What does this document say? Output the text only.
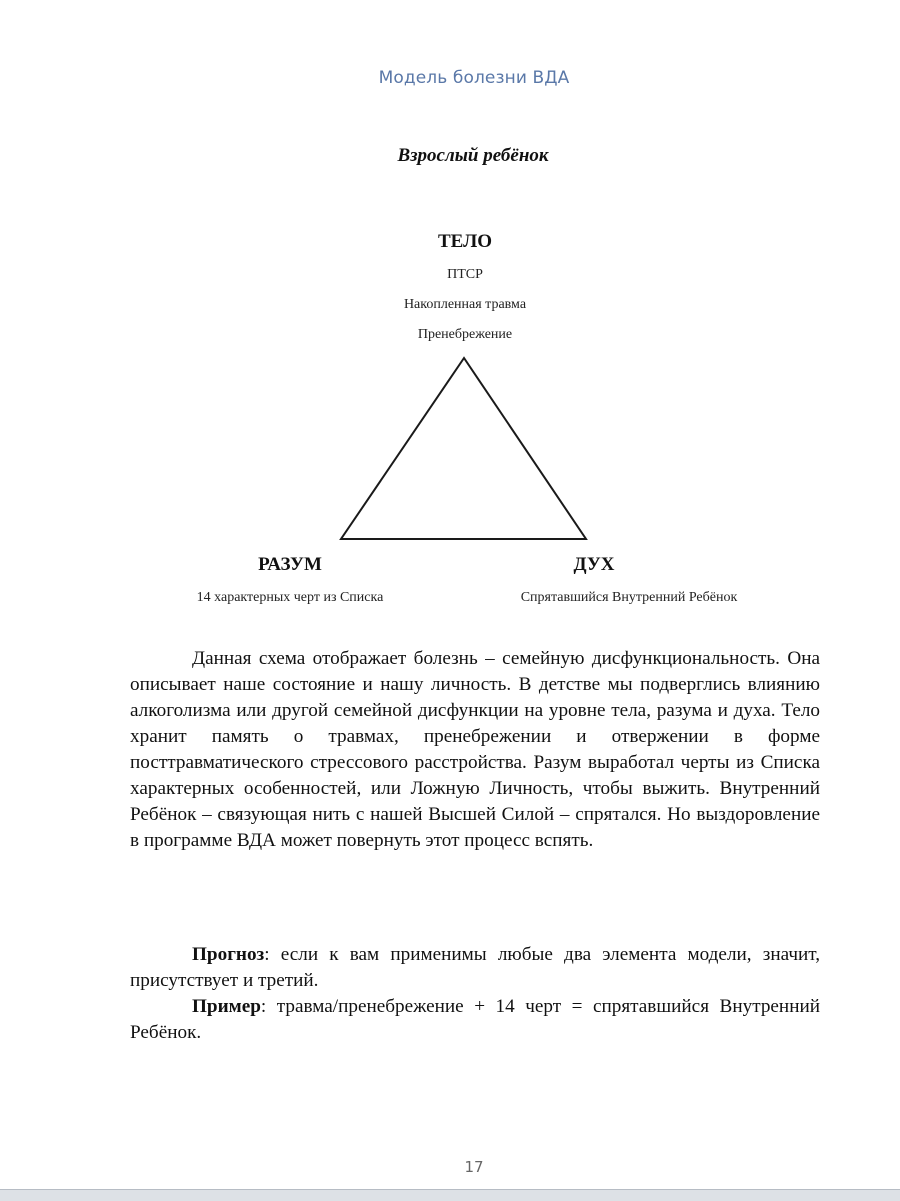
Модель болезни ВДА
Взрослый ребёнок
ТЕЛО
ПТСР
Накопленная травма
Пренебрежение
РАЗУМ
14 характерных черт из Списка
ДУХ
Спрятавшийся Внутренний Ребёнок

Данная схема отображает болезнь – семейную дисфункциональность. Она описывает наше состояние и нашу личность. В детстве мы подверглись влиянию алкоголизма или другой семейной дисфункции на уровне тела, разума и духа. Тело хранит память о травмах, пренебрежении и отвержении в форме посттравматического стрессового расстройства. Разум выработал черты из Списка характерных особенностей, или Ложную Личность, чтобы выжить. Внутренний Ребёнок – связующая нить с нашей Высшей Силой – спрятался. Но выздоровление в программе ВДА может повернуть этот процесс вспять.

Прогноз: если к вам применимы любые два элемента модели, значит, присутствует и третий.

Пример: травма/пренебрежение + 14 черт = спрятавшийся Внутренний Ребёнок.

17
